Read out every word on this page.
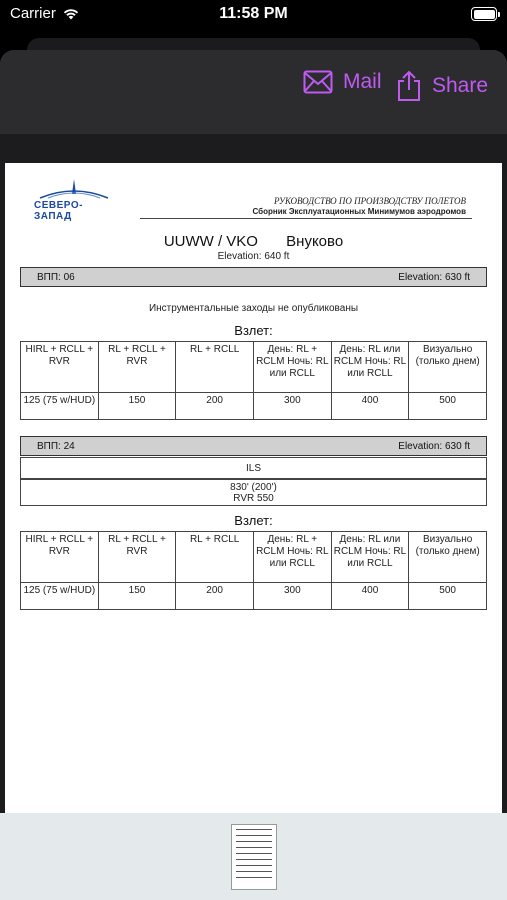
Carrier	11:58 PM
Mail Share
СЕВЕРО-ЗАПАД
РУКОВОДСТВО ПО ПРОИЗВОДСТВУ ПОЛЕТОВ
Сборник Эксплуатационных Минимумов аэродромов
UUWW / VKO Внуково
Elevation: 640 ft
ВПП: 06	Elevation: 630 ft
Инструментальные заходы не опубликованы
Взлет:
HIRL + RCLL + RVR	RL + RCLL + RVR	RL + RCLL	День: RL + RCLM Ночь: RL или RCLL	День: RL или RCLM Ночь: RL или RCLL	Визуально (только днем)
125 (75 w/HUD)	150	200	300	400	500
ВПП: 24	Elevation: 630 ft
ILS
830' (200')
RVR 550
Взлет:
HIRL + RCLL + RVR	RL + RCLL + RVR	RL + RCLL	День: RL + RCLM Ночь: RL или RCLL	День: RL или RCLM Ночь: RL или RCLL	Визуально (только днем)
125 (75 w/HUD)	150	200	300	400	500
